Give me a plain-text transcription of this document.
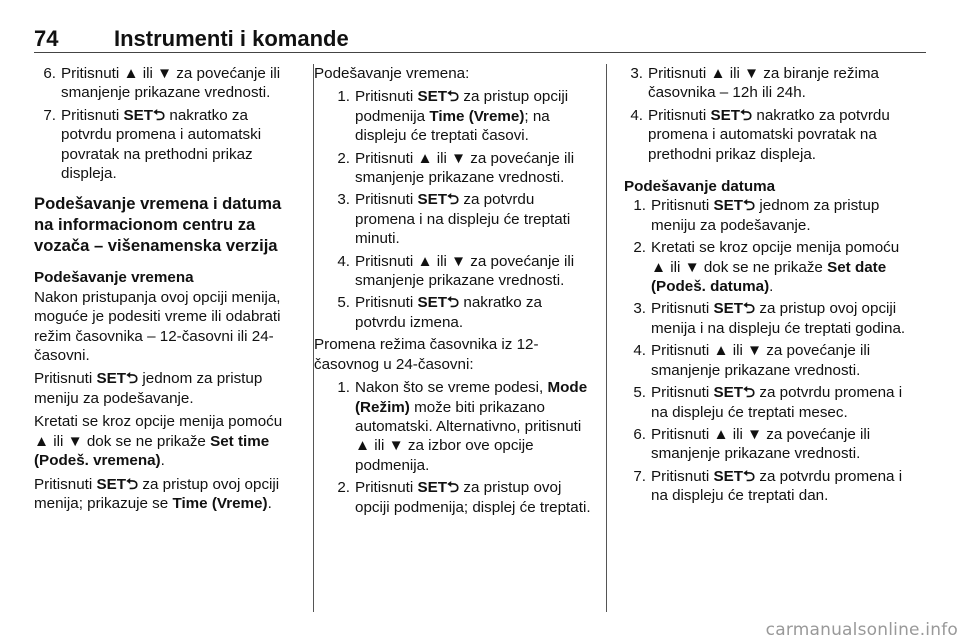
74	Instrumenti i komande
6. Pritisnuti ▲ ili ▼ za povećanje ili smanjenje prikazane vrednosti.
7. Pritisnuti SET⮌ nakratko za potvrdu promena i automatski povratak na prethodni prikaz displeja.
Podešavanje vremena i datuma na informacionom centru za vozača – višenamenska verzija
Podešavanje vremena

Nakon pristupanja ovoj opciji menija, moguće je podesiti vreme ili odabrati režim časovnika – 12-časovni ili 24-časovni.

Pritisnuti SET⮌ jednom za pristup meniju za podešavanje.

Kretati se kroz opcije menija pomoću ▲ ili ▼ dok se ne prikaže Set time (Podeš. vremena).

Pritisnuti SET⮌ za pristup ovoj opciji menija; prikazuje se Time (Vreme).

Podešavanje vremena:

1. Pritisnuti SET⮌ za pristup opciji podmenija Time (Vreme); na displeju će treptati časovi.
2. Pritisnuti ▲ ili ▼ za povećanje ili smanjenje prikazane vrednosti.
3. Pritisnuti SET⮌ za potvrdu promena i na displeju će treptati minuti.
4. Pritisnuti ▲ ili ▼ za povećanje ili smanjenje prikazane vrednosti.
5. Pritisnuti SET⮌ nakratko za potvrdu izmena.

Promena režima časovnika iz 12-časovnog u 24-časovni:

1. Nakon što se vreme podesi, Mode (Režim) može biti prikazano automatski. Alternativno, pritisnuti ▲ ili ▼ za izbor ove opcije podmenija.
2. Pritisnuti SET⮌ za pristup ovoj opciji podmenija; displej će treptati.
3. Pritisnuti ▲ ili ▼ za biranje režima časovnika – 12h ili 24h.
4. Pritisnuti SET⮌ nakratko za potvrdu promena i automatski povratak na prethodni prikaz displeja.
Podešavanje datuma
1. Pritisnuti SET⮌ jednom za pristup meniju za podešavanje.
2. Kretati se kroz opcije menija pomoću ▲ ili ▼ dok se ne prikaže Set date (Podeš. datuma).
3. Pritisnuti SET⮌ za pristup ovoj opciji menija i na displeju će treptati godina.
4. Pritisnuti ▲ ili ▼ za povećanje ili smanjenje prikazane vrednosti.
5. Pritisnuti SET⮌ za potvrdu promena i na displeju će treptati mesec.
6. Pritisnuti ▲ ili ▼ za povećanje ili smanjenje prikazane vrednosti.
7. Pritisnuti SET⮌ za potvrdu promena i na displeju će treptati dan.
carmanualsonline.info
